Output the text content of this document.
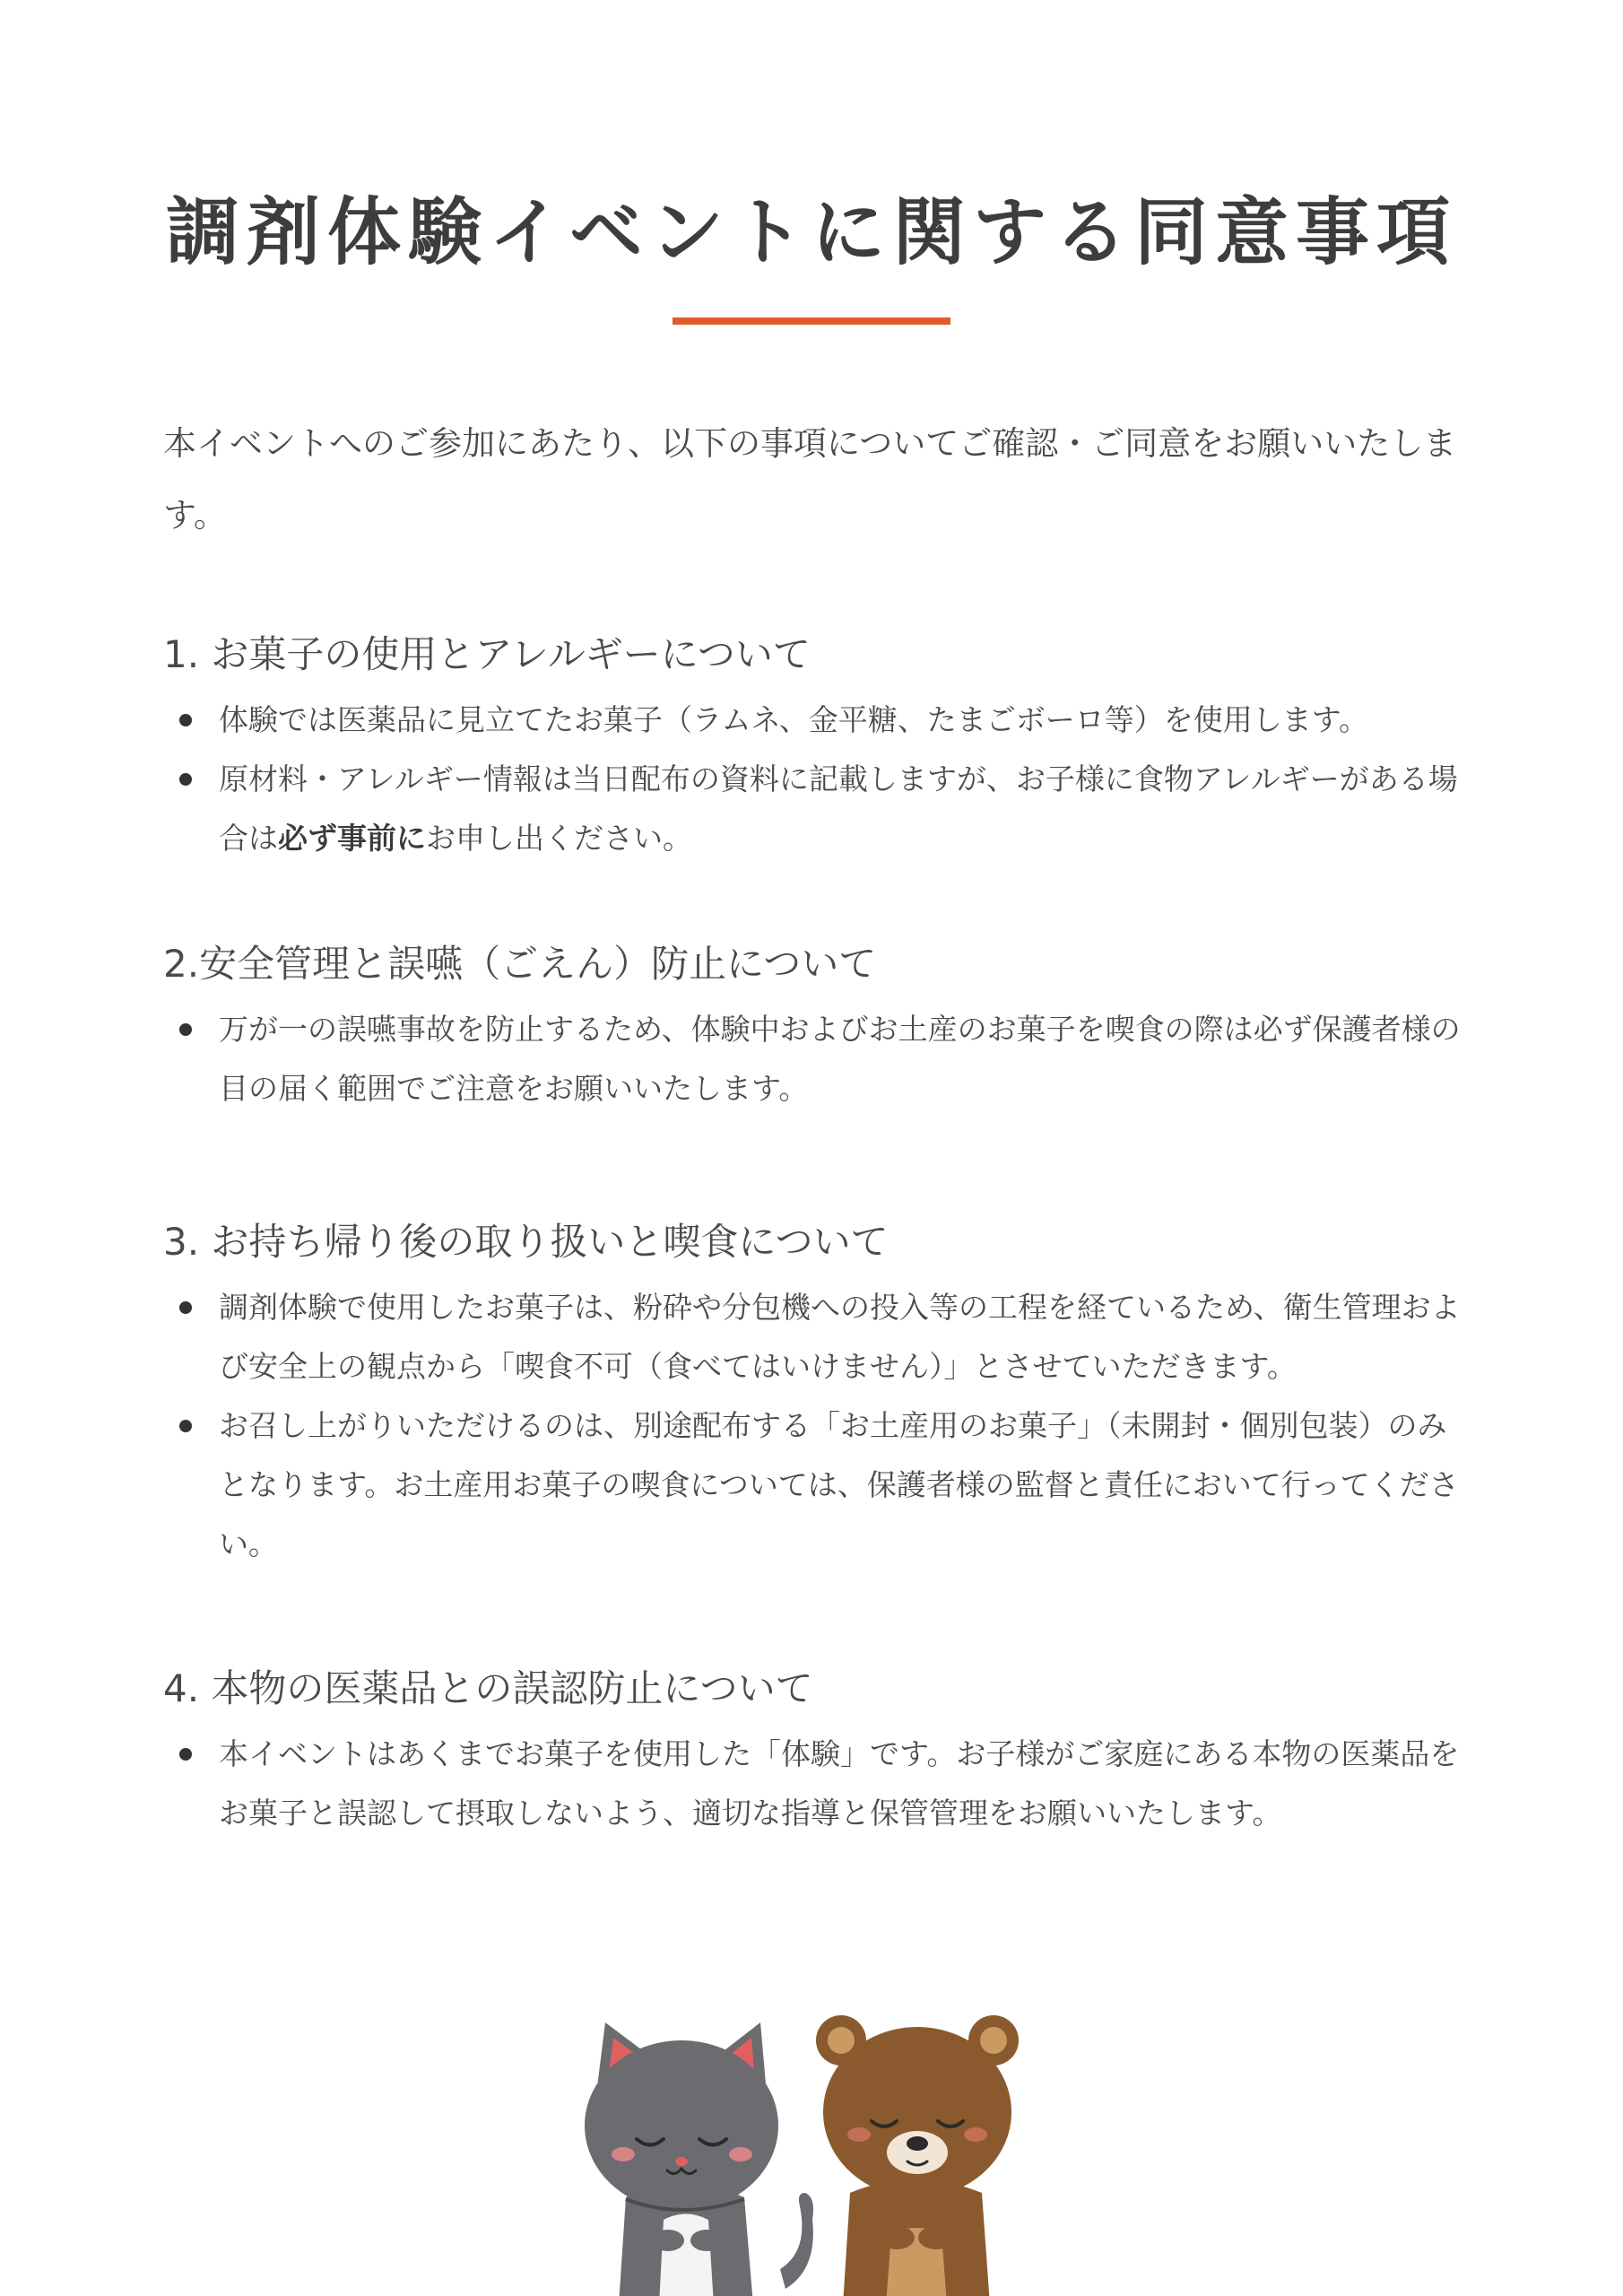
調剤体験イベントに関する同意事項
本イベントへのご参加にあたり、以下の事項についてご確認・ご同意をお願いいたします。
1. お菓子の使用とアレルギーについて
体験では医薬品に見立てたお菓子（ラムネ、金平糖、たまごボーロ等）を使用します。
原材料・アレルギー情報は当日配布の資料に記載しますが、お子様に食物アレルギーがある場合は必ず事前にお申し出ください。
2.安全管理と誤嚥（ごえん）防止について
万が一の誤嚥事故を防止するため、体験中およびお土産のお菓子を喫食の際は必ず保護者様の目の届く範囲でご注意をお願いいたします。
3. お持ち帰り後の取り扱いと喫食について
調剤体験で使用したお菓子は、粉砕や分包機への投入等の工程を経ているため、衛生管理および安全上の観点から「喫食不可（食べてはいけません）」とさせていただきます。
お召し上がりいただけるのは、別途配布する「お土産用のお菓子」（未開封・個別包装）のみとなります。お土産用お菓子の喫食については、保護者様の監督と責任において行ってください。
4. 本物の医薬品との誤認防止について
本イベントはあくまでお菓子を使用した「体験」です。お子様がご家庭にある本物の医薬品をお菓子と誤認して摂取しないよう、適切な指導と保管管理をお願いいたします。
